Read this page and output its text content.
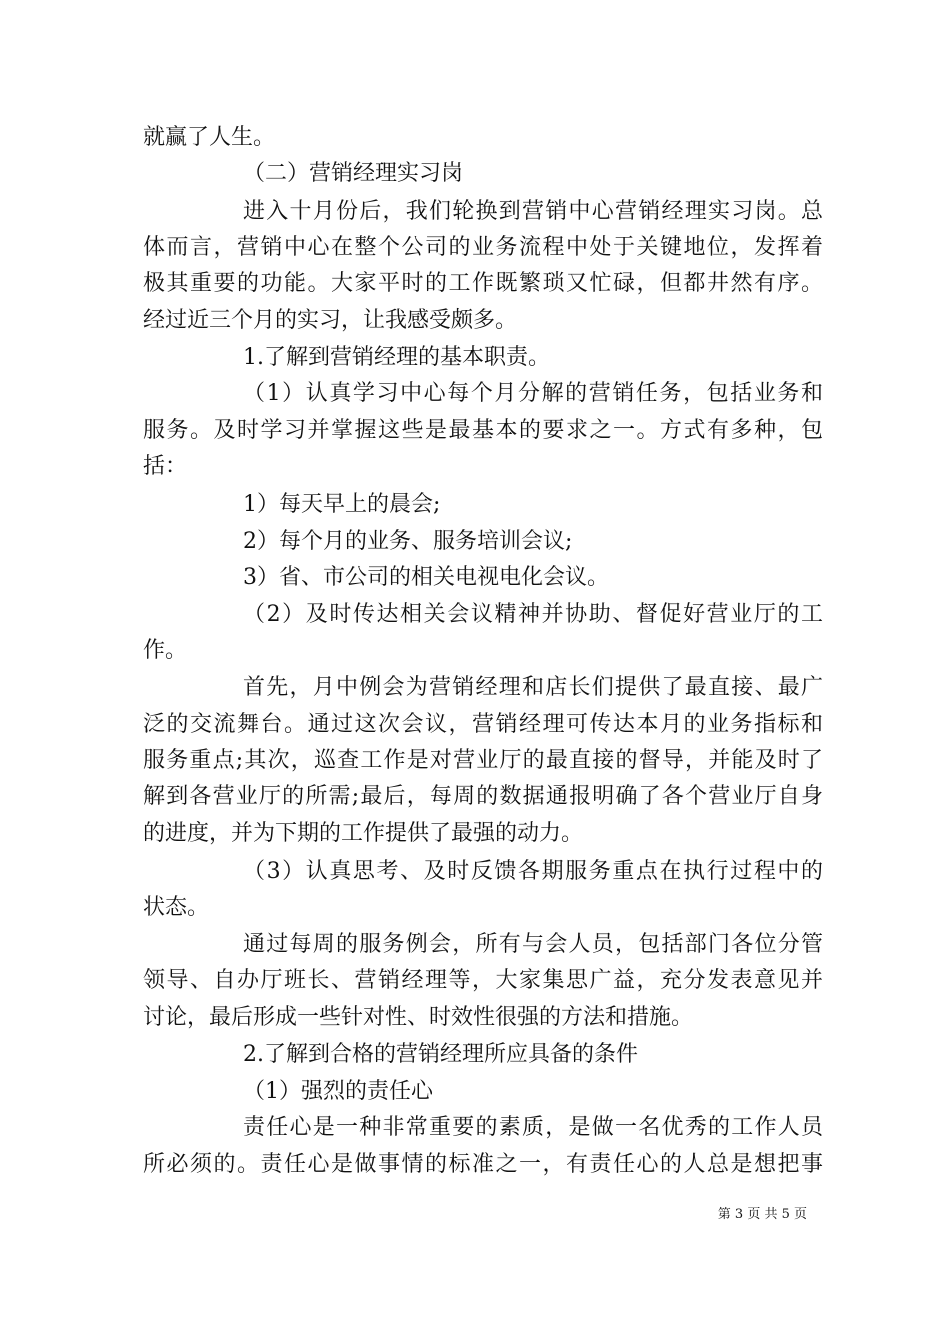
就赢了人生。
（二）营销经理实习岗
进入十月份后，我们轮换到营销中心营销经理实习岗。总
体而言，营销中心在整个公司的业务流程中处于关键地位，发挥着
极其重要的功能。大家平时的工作既繁琐又忙碌，但都井然有序。
经过近三个月的实习，让我感受颇多。
1.了解到营销经理的基本职责。
（1）认真学习中心每个月分解的营销任务，包括业务和
服务。及时学习并掌握这些是最基本的要求之一。方式有多种，包
括：
1）每天早上的晨会;
2）每个月的业务、服务培训会议;
3）省、市公司的相关电视电化会议。
（2）及时传达相关会议精神并协助、督促好营业厅的工
作。
首先，月中例会为营销经理和店长们提供了最直接、最广
泛的交流舞台。通过这次会议，营销经理可传达本月的业务指标和
服务重点;其次，巡查工作是对营业厅的最直接的督导，并能及时了
解到各营业厅的所需;最后，每周的数据通报明确了各个营业厅自身
的进度，并为下期的工作提供了最强的动力。
（3）认真思考、及时反馈各期服务重点在执行过程中的
状态。
通过每周的服务例会，所有与会人员，包括部门各位分管
领导、自办厅班长、营销经理等，大家集思广益，充分发表意见并
讨论，最后形成一些针对性、时效性很强的方法和措施。
2.了解到合格的营销经理所应具备的条件
（1）强烈的责任心
责任心是一种非常重要的素质，是做一名优秀的工作人员
所必须的。责任心是做事情的标准之一，有责任心的人总是想把事
第 3 页 共 5 页
